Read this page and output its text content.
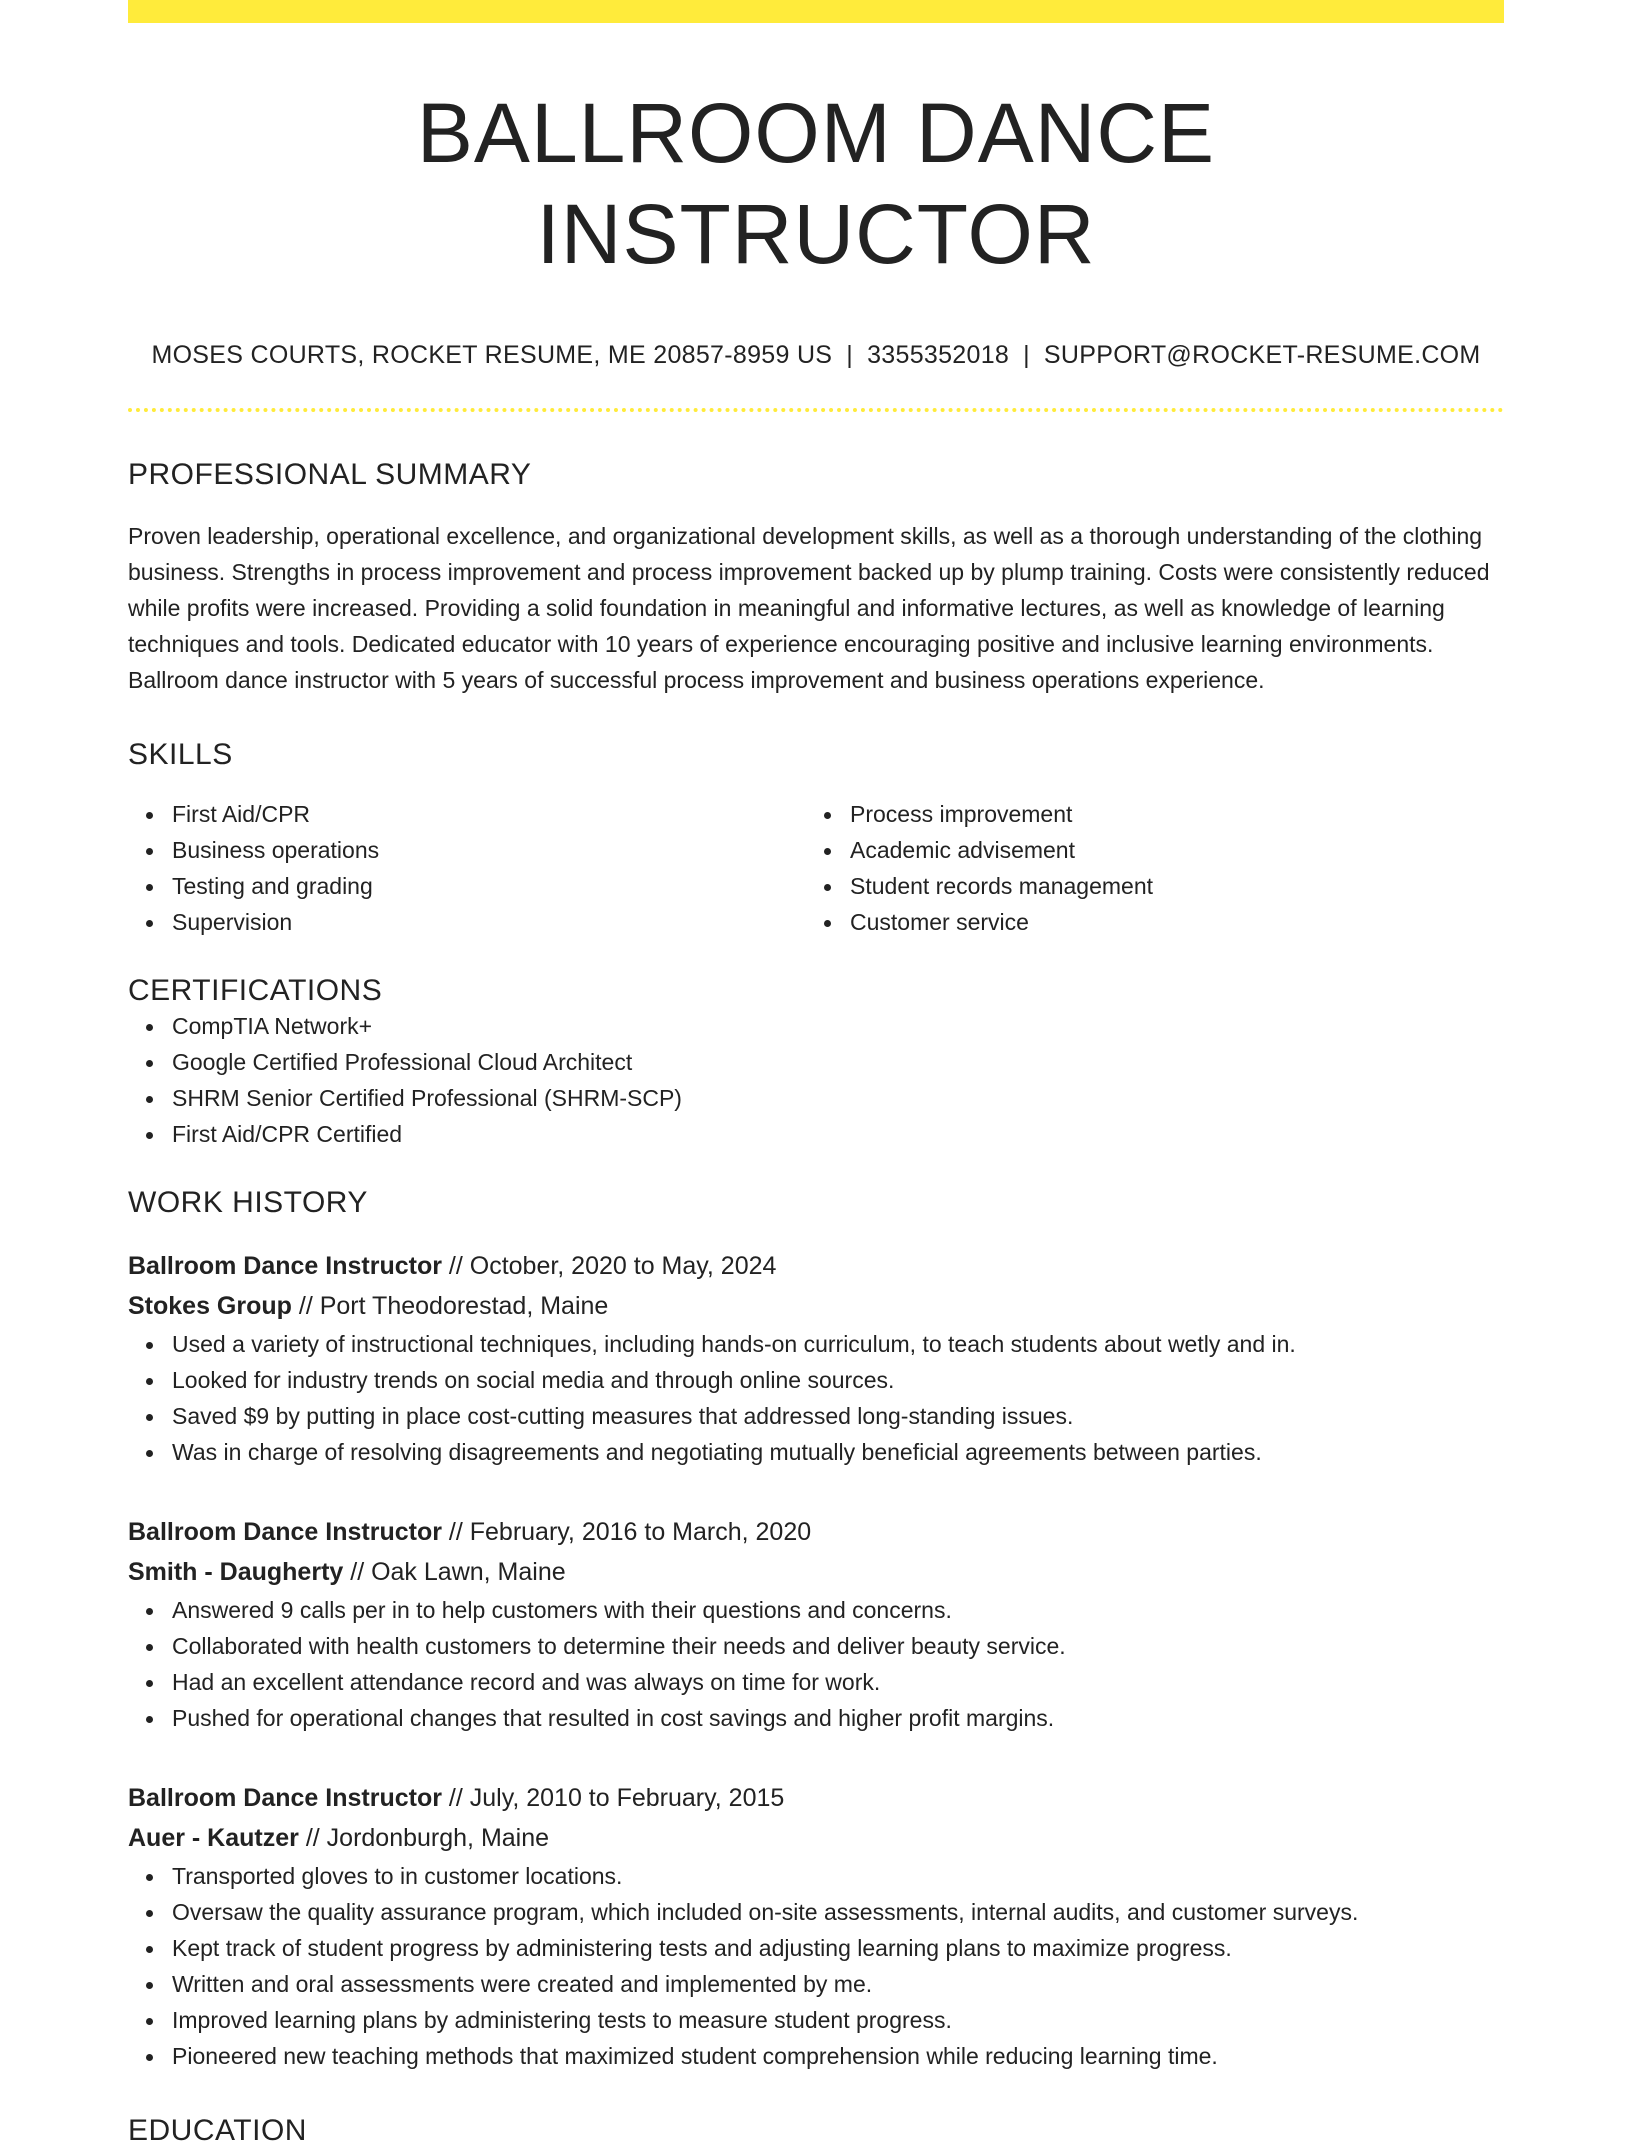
BALLROOM DANCE INSTRUCTOR
MOSES COURTS, ROCKET RESUME, ME 20857-8959 US | 3355352018 | SUPPORT@ROCKET-RESUME.COM
PROFESSIONAL SUMMARY

Proven leadership, operational excellence, and organizational development skills, as well as a thorough understanding of the clothing business. Strengths in process improvement and process improvement backed up by plump training. Costs were consistently reduced while profits were increased. Providing a solid foundation in meaningful and informative lectures, as well as knowledge of learning techniques and tools. Dedicated educator with 10 years of experience encouraging positive and inclusive learning environments. Ballroom dance instructor with 5 years of successful process improvement and business operations experience.

SKILLS
First Aid/CPR
Business operations
Testing and grading
Supervision
Process improvement
Academic advisement
Student records management
Customer service
CERTIFICATIONS
CompTIA Network+
Google Certified Professional Cloud Architect
SHRM Senior Certified Professional (SHRM-SCP)
First Aid/CPR Certified
WORK HISTORY
Ballroom Dance Instructor // October, 2020 to May, 2024
Stokes Group // Port Theodorestad, Maine
Used a variety of instructional techniques, including hands-on curriculum, to teach students about wetly and in.
Looked for industry trends on social media and through online sources.
Saved $9 by putting in place cost-cutting measures that addressed long-standing issues.
Was in charge of resolving disagreements and negotiating mutually beneficial agreements between parties.
Ballroom Dance Instructor // February, 2016 to March, 2020
Smith - Daugherty // Oak Lawn, Maine
Answered 9 calls per in to help customers with their questions and concerns.
Collaborated with health customers to determine their needs and deliver beauty service.
Had an excellent attendance record and was always on time for work.
Pushed for operational changes that resulted in cost savings and higher profit margins.
Ballroom Dance Instructor // July, 2010 to February, 2015
Auer - Kautzer // Jordonburgh, Maine
Transported gloves to in customer locations.
Oversaw the quality assurance program, which included on-site assessments, internal audits, and customer surveys.
Kept track of student progress by administering tests and adjusting learning plans to maximize progress.
Written and oral assessments were created and implemented by me.
Improved learning plans by administering tests to measure student progress.
Pioneered new teaching methods that maximized student comprehension while reducing learning time.
EDUCATION
